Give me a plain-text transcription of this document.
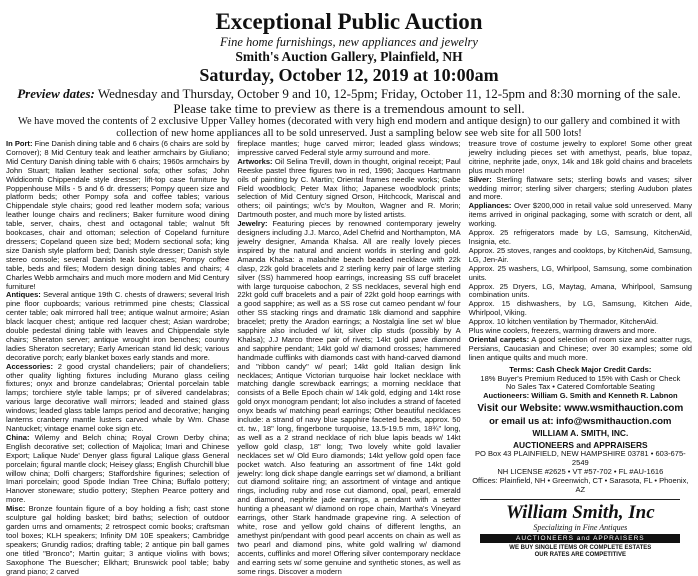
Exceptional Public Auction
Fine home furnishings, new appliances and jewelry
Smith's Auction Gallery, Plainfield, NH
Saturday, October 12, 2019 at 10:00am
Preview dates: Wednesday and Thursday, October 9 and 10, 12-5pm; Friday, October 11, 12-5pm and 8:30 morning of the sale.
Please take time to preview as there is a tremendous amount to sell.
We have moved the contents of 2 exclusive Upper Valley homes (decorated with very high end modern and antique design) to our gallery and combined it with collection of new home appliances all to be sold unreserved. Just a sampling below see web site for all 500 lots!

In Port: Fine Danish dining table and 6 chairs (6 chairs are sold by Cornover); 8 Mid Century teak and leather armchairs by Giuliano; Mid Century Danish dining table with 6 chairs; 1960s armchairs by John Stuart; Italian leather sectional sofa; other sofas; John Widdicomb Chippendale style dresser; lift-top case furniture by Poppenhouse Mills - 5 and 6 dr. dressers; Pompy queen size and platform beds; other Pompy sofa and coffee tables; various Chippendale style chairs; good red leather modern sofa; various leather lounge chairs and recliners; Baker furniture wood dining table, server, chairs, chest and octagonal table; walnut 5ft bookcases, chair and ottoman; selection of Copeland furniture dressers; Copeland queen size bed; Modern sectional sofa; king size Danish style platform bed; Danish style dresser; Danish style stereo console; several Danish teak bookcases; Pompy coffee table, beds and files; Modern design dining tables and chairs; 4 Charles Webb armchairs and much more modern and Mid Century furniture!

Antiques: Several antique 19th C. chests of drawers; several Irish pine floor cupboards; various retrimmed pine chests; Classical center table; oak mirrored hall tree; antique walnut armoire; Asian black lacquer chest; antique red lacquer chest; Asian wardrobe; double pedestal dining table with leaves and Chippendale style chairs; Sheraton server; antique wrought iron benches; country ladies Sheraton secretary; Early American stand lid desk; various decorative porch; early blanket boxes early stands and more.

Accessories: 2 good crystal chandeliers; pair of chandeliers; other quality lighting fixtures including Murano glass ceiling fixtures; onyx and bronze candelabras; Oriental porcelain table lamps; torchiere style table lamps; pr of silvered candelabras; various large decorative wall mirrors; leaded and stained glass windows; leaded glass table lamps period and decorative; hanging lanterns cranberry mantle lusters carved whale by Wm. Chase Nantucket; vintage enamel coke sign etc.

China: Wilemy and Belch china; Royal Crown Derby china; English decorative set; collection of Majolica; Imari and Chinese Export; Lalique Nude' Denyer glass figural Lalique glass General porcelain; figural mantle clock; Heisey glass; English Churchill blue willow china; Dolfi chargers; Staffordshire figurines; selection of Imari porcelain; good Spode Indian Tree China; Buffalo pottery; Hanover stoneware; studio pottery; Stephen Pearce pottery and more.

Misc: Bronze fountain figure of a boy holding a fish; cast stone sculpture gal holding basket; bird baths; selection of outdoor garden urns and ornaments; 2 retrospect comic books; craftsman tool boxes; KLH speakers; Infinity DM 10E speakers; Cambridge speakers; Grundig radios; drafting table; 2 antique pin ball games one titled "Bronco"; Martin guitar; 3 antique violins with bows; Saxophone The Buescher; Elkhart; Brunswick pool table; baby grand piano; 2 carved

fireplace mantles; huge carved mirror; leaded glass windows; impressive carved Federal style army surround and more.

Artworks: Oil Selina Trevill, down in thought, original receipt; Paul Reeske pastel three figures two in red, 1996; Jacques Hartmann oils of painting by C. Martin; Oriental frames needle works; Gabe Field woodblock; Peter Max litho; Japanese woodblock prints; selection of Mid Century signed Orson, Hitchcock, Mariscal and others; oil paintings; w/c's by Moulton, Wagner and R. Morin; Dartmouth poster, and much more by listed artists.

Jewelry: Featuring pieces by renowned contemporary jewelry designers including J.J. Marco, Adel Chefrid and Northampton, MA jewelry designer, Amanda Khalsa. All are really lovely pieces inspired by the natural and ancient worlds in sterling and gold. Amanda Khalsa: a malachite beach beaded necklace with 22k clasp, 22k gold bracelets and 2 sterling kerry pair of large sterling silver (SS) hammered hoop earrings, increasing SS cuff bracelet with large turquoise cabochon, 2 SS necklaces, several high end 22kt gold cuff bracelets and a pair of 22kt gold hoop earrings with a good sapphire; as well as a SS rose cut cameo pendant w/ four other SS stacking rings and dramatic 18k diamond and sapphire bracelet; pretty the Aradon earrings; a Nostalgia line set w/ blue sapphire also included w/ kit, silver clip studs (possibly by A Khalsa); J.J Marco three pair of rivets; 14kt gold pave diamond and sapphire pendant; 14kt gold w/ diamond crosses; hammered handmade cufflinks with diamonds cast with hand-carved diamond and "ribbon candy" w/ pearl; 14kt gold Italian design link necklaces; Antique Victorian turquoise hair locket necklace with matching dangle screwback earrings; a morning necklace that consists of a Belle Epoch chain w/ 14k gold, edging and 14kt rose gold onyx monogram pendant; lot also includes a strand of faceted onyx beads w/ matching pearl earrings; Other beautiful necklaces include: a strand of navy blue sapphire faceted beads, approx. 50 ct. tw., 18" long, fingerbone turquoise, 13.5-19.5 mm, 18¾" long, as well as a 2 strand necklace of rich blue lapis beads w/ 14kt yellow gold clasp, 18" long; Two lovely white gold lavalier necklaces set w/ Old Euro diamonds; 14kt yellow gold open face pocket watch. Also featuring an assortment of fine 14kt gold jewelry: long dick shape dangle earrings set w/ diamond, a brilliant cut diamond solitaire ring; an assortment of vintage and antique rings, including ruby and rose cut diamond, opal, pearl, emerald and diamond, nephrite jade earrings, a pendant with a setter hunting a pheasant w/ diamond on rope chain, Martha's Vineyard earrings, other Stark handmade grapevine ring. A selection of white, rose and yellow gold chains of different lengths, an amethyst pin/pendant with good pearl accents on chain as well as two pearl and diamond pins, white gold wallring w/ diamond accents, cufflinks and more! Offering silver contemporary necklace and earring sets w/ some genuine and synthetic stones, as well as some rings. Discover a modern

treasure trove of costume jewelry to explore! Some other great jewelry including pieces set with amethyst, pearls, blue topaz, citrine, nephrite jade, onyx, 14k and 18k gold chains and bracelets plus much more!

Silver: Sterling flatware sets; sterling bowls and vases; silver wedding mirror; sterling silver chargers; sterling Audubon plates and more.

Appliances: Over $200,000 in retail value sold unreserved. Many items arrived in original packaging, some with scratch or dent, all working.

Approx. 25 refrigerators made by LG, Samsung, KitchenAid, Insignia, etc.

Approx. 25 stoves, ranges and cooktops, by KitchenAid, Samsung, LG, Jen-Air.

Approx. 25 washers, LG, Whirlpool, Samsung, some combination units.

Approx. 25 Dryers, LG, Maytag, Amana, Whirlpool, Samsung combination units.

Approx. 15 dishwashers, by LG, Samsung, Kitchen Aide, Whirlpool, Viking.

Approx. 10 kitchen ventilation by Thermador, KitchenAid.

Plus wine coolers, freezers, warming drawers and more.

Oriental carpets: A good selection of room size and scatter rugs, Persians, Caucasian and Chinese; over 30 examples; some old linen antique quilts and much more.

Terms: Cash Check Major Credit Cards:
18% Buyer's Premium Reduced to 15% with Cash or Check
No Sales Tax • Catered Comfortable Seating
Auctioneers: William G. Smith and Kenneth R. Labnon
Visit our Website: www.wsmithauction.com
or email us at: info@wsmithauction.com
WILLIAM A. SMITH, INC.
AUCTIONEERS and APPRAISERS
PO Box 43 PLAINFIELD, NEW HAMPSHIRE 03781 • 603-675-2549
NH LICENSE #2625 • VT #57-702 • FL #AU-1616
Offices: Plainfield, NH • Greenwich, CT • Sarasota, FL • Phoenix, AZ
William Smith, Inc
Specializing in Fine Antiques
AUCTIONEERS and APPRAISERS
WE BUY SINGLE ITEMS OR COMPLETE ESTATES
OUR RATES ARE COMPETITIVE
